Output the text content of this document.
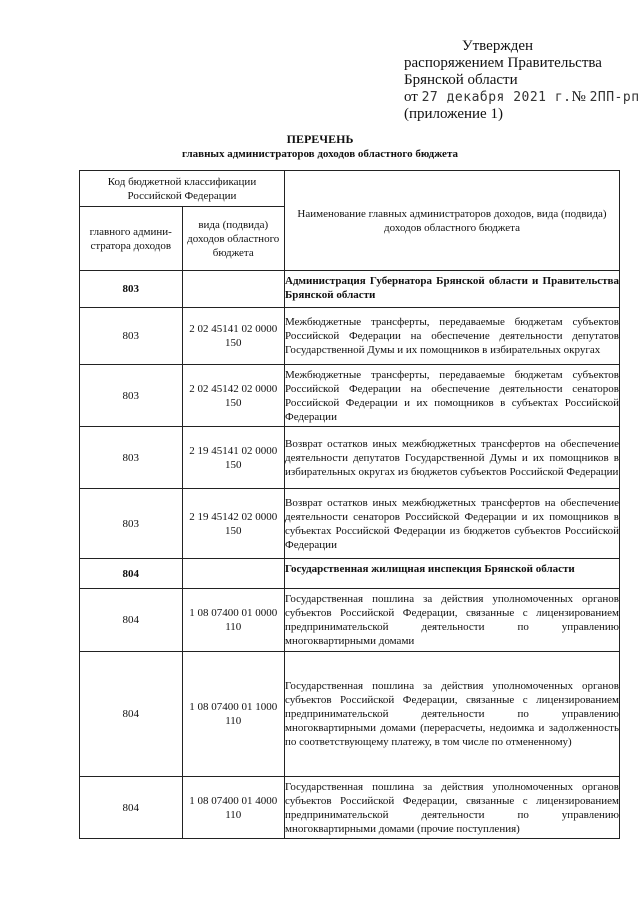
Утвержден
распоряжением Правительства
Брянской области
от 27 декабря 2021 г.№ 2ПП-рп
(приложение 1)
ПЕРЕЧЕНЬ
главных администраторов доходов областного бюджета
Код бюджетной классификации Российской Федерации		Наименование главных администраторов доходов, вида (подвида) доходов областного бюджета

главного админи-стратора доходов	вида (подвида) доходов областного бюджета	
803		Администрация Губернатора Брянской области и Правительства Брянской области
803	2 02 45141 02 0000 150	Межбюджетные трансферты, передаваемые бюджетам субъектов Российской Федерации на обеспечение деятельности депутатов Государственной Думы и их помощников в избирательных округах
803	2 02 45142 02 0000 150	Межбюджетные трансферты, передаваемые бюджетам субъектов Российской Федерации на обеспечение деятельности сенаторов Российской Федерации и их помощников в субъектах Российской Федерации
803	2 19 45141 02 0000 150	Возврат остатков иных межбюджетных трансфертов на обеспечение деятельности депутатов Государственной Думы и их помощников в избирательных округах из бюджетов субъектов Российской Федерации
803	2 19 45142 02 0000 150	Возврат остатков иных межбюджетных трансфертов на обеспечение деятельности сенаторов Российской Федерации и их помощников в субъектах Российской Федерации из бюджетов субъектов Российской Федерации
804		Государственная жилищная инспекция Брянской области
804	1 08 07400 01 0000 110	Государственная пошлина за действия уполномоченных органов субъектов Российской Федерации, связанные с лицензированием предпринимательской деятельности по управлению многоквартирными домами
804	1 08 07400 01 1000 110	Государственная пошлина за действия уполномоченных органов субъектов Российской Федерации, связанные с лицензированием предпринимательской деятельности по управлению многоквартирными домами (перерасчеты, недоимка и задолженность по соответствующему платежу, в том числе по отмененному)
804	1 08 07400 01 4000 110	Государственная пошлина за действия уполномоченных органов субъектов Российской Федерации, связанные с лицензированием предпринимательской деятельности по управлению многоквартирными домами (прочие поступления)
